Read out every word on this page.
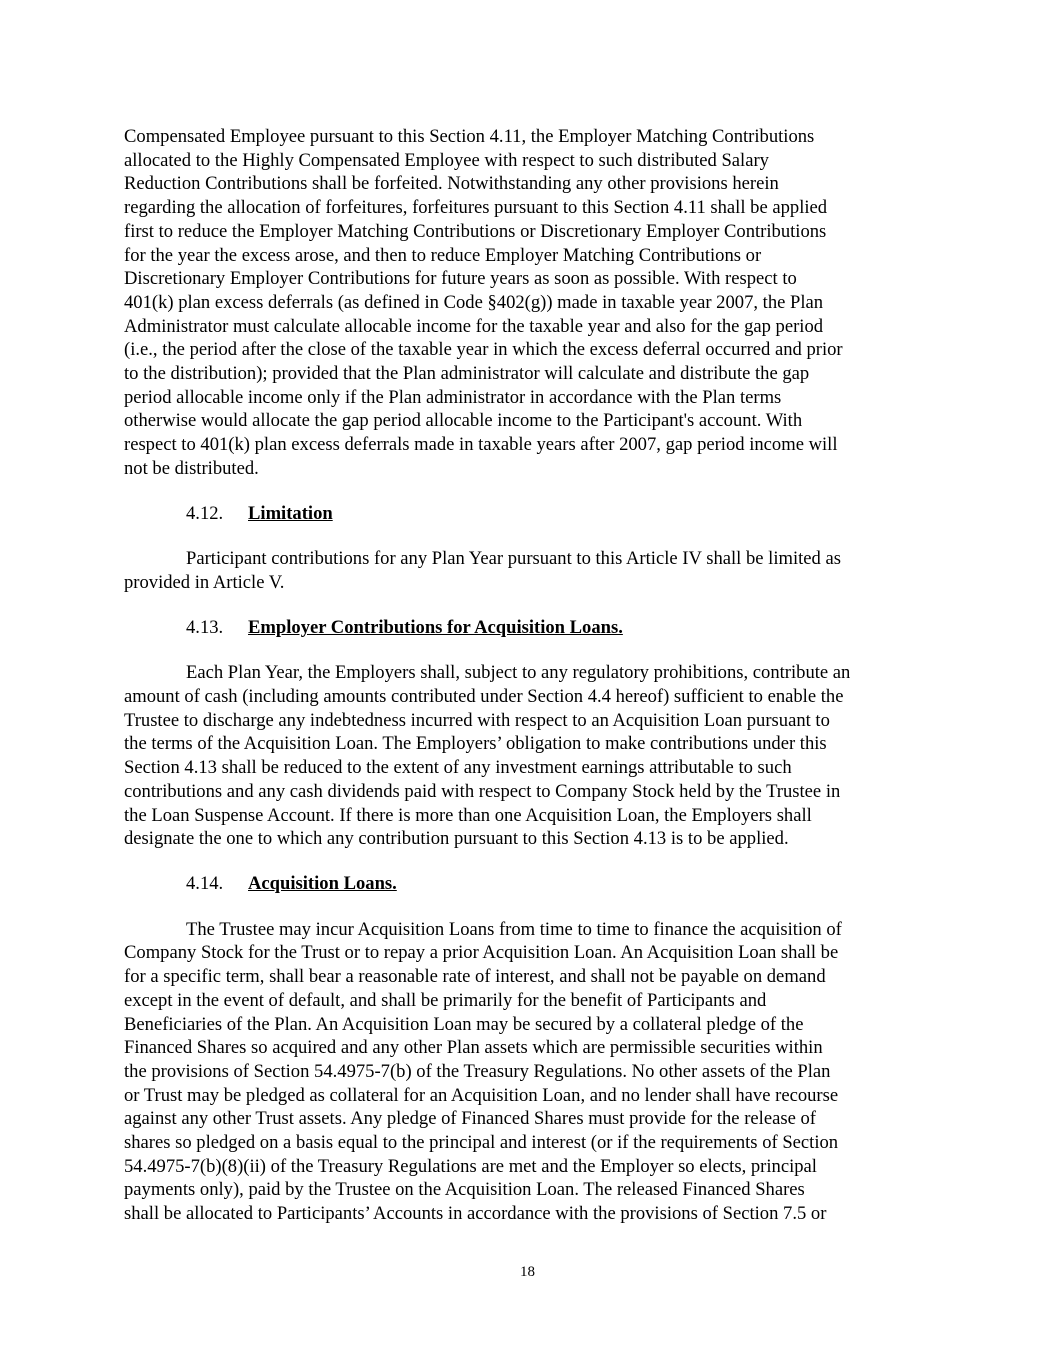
Compensated Employee pursuant to this Section 4.11, the Employer Matching Contributions
allocated to the Highly Compensated Employee with respect to such distributed Salary
Reduction Contributions shall be forfeited. Notwithstanding any other provisions herein
regarding the allocation of forfeitures, forfeitures pursuant to this Section 4.11 shall be applied
first to reduce the Employer Matching Contributions or Discretionary Employer Contributions
for the year the excess arose, and then to reduce Employer Matching Contributions or
Discretionary Employer Contributions for future years as soon as possible. With respect to
401(k) plan excess deferrals (as defined in Code §402(g)) made in taxable year 2007, the Plan
Administrator must calculate allocable income for the taxable year and also for the gap period
(i.e., the period after the close of the taxable year in which the excess deferral occurred and prior
to the distribution); provided that the Plan administrator will calculate and distribute the gap
period allocable income only if the Plan administrator in accordance with the Plan terms
otherwise would allocate the gap period allocable income to the Participant's account. With
respect to 401(k) plan excess deferrals made in taxable years after 2007, gap period income will
not be distributed.

4.12. Limitation

Participant contributions for any Plan Year pursuant to this Article IV shall be limited as
provided in Article V.

4.13. Employer Contributions for Acquisition Loans.

Each Plan Year, the Employers shall, subject to any regulatory prohibitions, contribute an
amount of cash (including amounts contributed under Section 4.4 hereof) sufficient to enable the
Trustee to discharge any indebtedness incurred with respect to an Acquisition Loan pursuant to
the terms of the Acquisition Loan. The Employers’ obligation to make contributions under this
Section 4.13 shall be reduced to the extent of any investment earnings attributable to such
contributions and any cash dividends paid with respect to Company Stock held by the Trustee in
the Loan Suspense Account. If there is more than one Acquisition Loan, the Employers shall
designate the one to which any contribution pursuant to this Section 4.13 is to be applied.

4.14. Acquisition Loans.

The Trustee may incur Acquisition Loans from time to time to finance the acquisition of
Company Stock for the Trust or to repay a prior Acquisition Loan. An Acquisition Loan shall be
for a specific term, shall bear a reasonable rate of interest, and shall not be payable on demand
except in the event of default, and shall be primarily for the benefit of Participants and
Beneficiaries of the Plan. An Acquisition Loan may be secured by a collateral pledge of the
Financed Shares so acquired and any other Plan assets which are permissible securities within
the provisions of Section 54.4975-7(b) of the Treasury Regulations. No other assets of the Plan
or Trust may be pledged as collateral for an Acquisition Loan, and no lender shall have recourse
against any other Trust assets. Any pledge of Financed Shares must provide for the release of
shares so pledged on a basis equal to the principal and interest (or if the requirements of Section
54.4975-7(b)(8)(ii) of the Treasury Regulations are met and the Employer so elects, principal
payments only), paid by the Trustee on the Acquisition Loan. The released Financed Shares
shall be allocated to Participants’ Accounts in accordance with the provisions of Section 7.5 or

18
